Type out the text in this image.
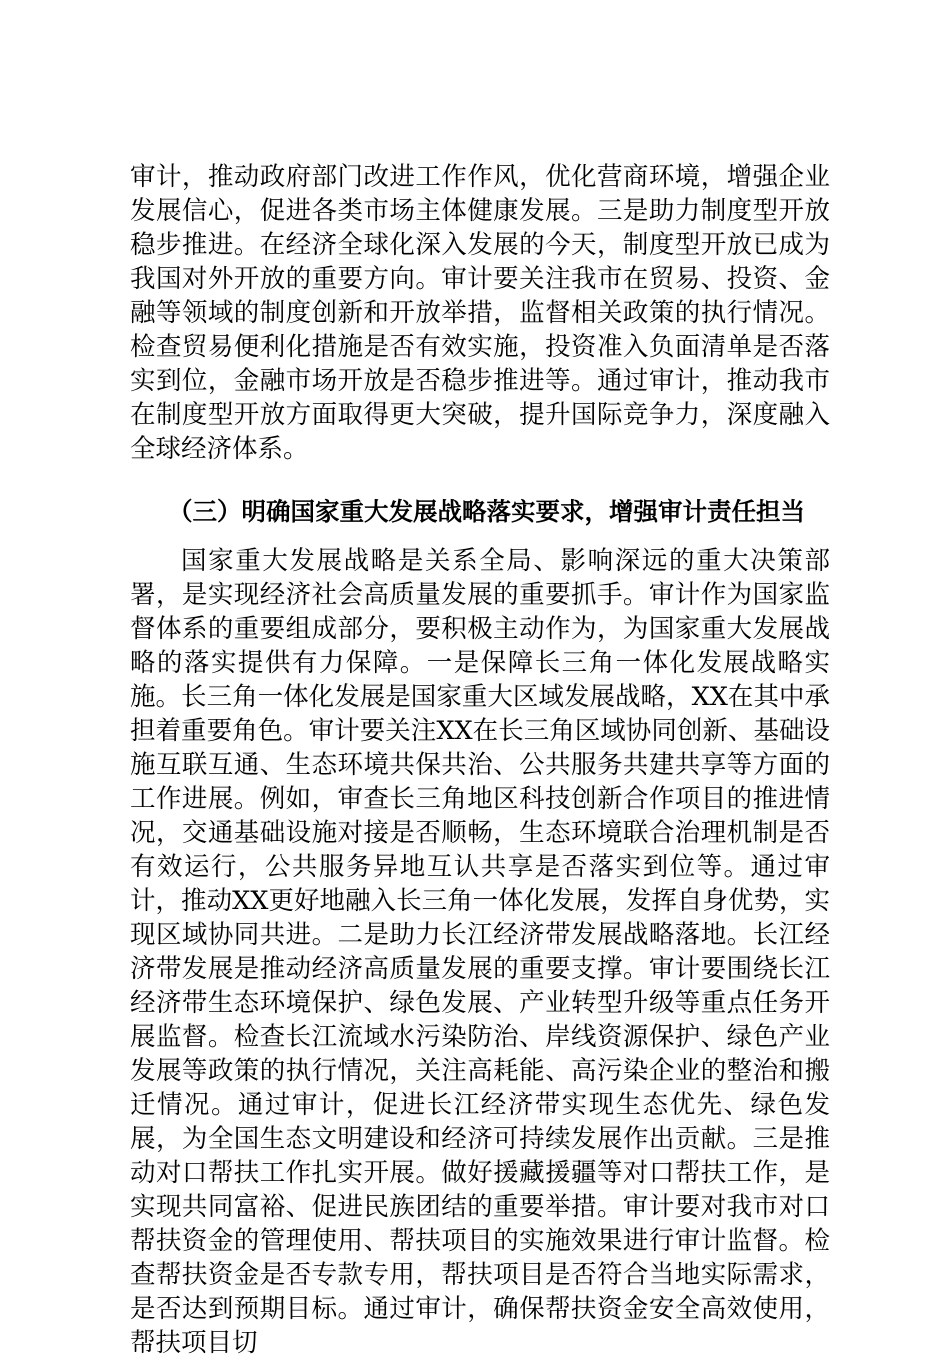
审计，推动政府部门改进工作作风，优化营商环境，增强企业发展信心，促进各类市场主体健康发展。三是助力制度型开放稳步推进。在经济全球化深入发展的今天，制度型开放已成为我国对外开放的重要方向。审计要关注我市在贸易、投资、金融等领域的制度创新和开放举措，监督相关政策的执行情况。检查贸易便利化措施是否有效实施，投资准入负面清单是否落实到位，金融市场开放是否稳步推进等。通过审计，推动我市在制度型开放方面取得更大突破，提升国际竞争力，深度融入全球经济体系。

（三）明确国家重大发展战略落实要求，增强审计责任担当

国家重大发展战略是关系全局、影响深远的重大决策部署，是实现经济社会高质量发展的重要抓手。审计作为国家监督体系的重要组成部分，要积极主动作为，为国家重大发展战略的落实提供有力保障。一是保障长三角一体化发展战略实施。长三角一体化发展是国家重大区域发展战略，XX在其中承担着重要角色。审计要关注XX在长三角区域协同创新、基础设施互联互通、生态环境共保共治、公共服务共建共享等方面的工作进展。例如，审查长三角地区科技创新合作项目的推进情况，交通基础设施对接是否顺畅，生态环境联合治理机制是否有效运行，公共服务异地互认共享是否落实到位等。通过审计，推动XX更好地融入长三角一体化发展，发挥自身优势，实现区域协同共进。二是助力长江经济带发展战略落地。长江经济带发展是推动经济高质量发展的重要支撑。审计要围绕长江经济带生态环境保护、绿色发展、产业转型升级等重点任务开展监督。检查长江流域水污染防治、岸线资源保护、绿色产业发展等政策的执行情况，关注高耗能、高污染企业的整治和搬迁情况。通过审计，促进长江经济带实现生态优先、绿色发展，为全国生态文明建设和经济可持续发展作出贡献。三是推动对口帮扶工作扎实开展。做好援藏援疆等对口帮扶工作，是实现共同富裕、促进民族团结的重要举措。审计要对我市对口帮扶资金的管理使用、帮扶项目的实施效果进行审计监督。检查帮扶资金是否专款专用，帮扶项目是否符合当地实际需求，是否达到预期目标。通过审计，确保帮扶资金安全高效使用，帮扶项目切
